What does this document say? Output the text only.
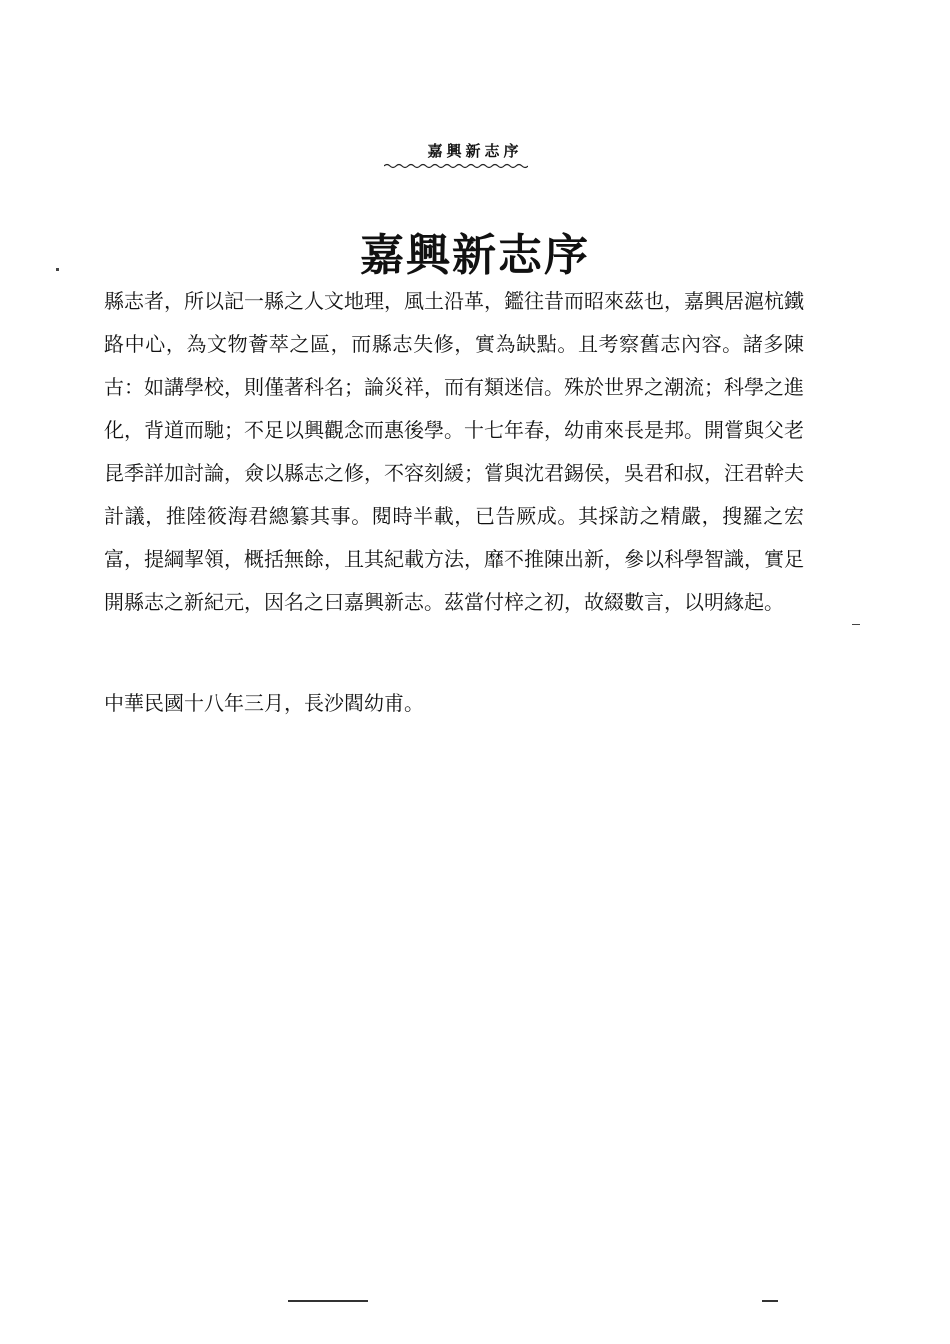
嘉興新志序
嘉興新志序

縣志者，所以記一縣之人文地理，風土沿革，鑑往昔而昭來茲也，嘉興居滬杭鐵路中心，為文物薈萃之區，而縣志失修，實為缺點。且考察舊志內容。諸多陳古：如講學校，則僅著科名；論災祥，而有類迷信。殊於世界之潮流；科學之進化，背道而馳；不足以興觀念而惠後學。十七年春，幼甫來長是邦。開嘗與父老昆季詳加討論，僉以縣志之修，不容刻緩；嘗與沈君錫侯，吳君和叔，汪君幹夫計議，推陸筱海君總纂其事。閱時半載，已告厥成。其採訪之精嚴，搜羅之宏富，提綱挈領，概括無餘，且其紀載方法，靡不推陳出新，參以科學智識，實足開縣志之新紀元，因名之曰嘉興新志。茲當付梓之初，故綴數言，以明緣起。

中華民國十八年三月，長沙閻幼甫。
